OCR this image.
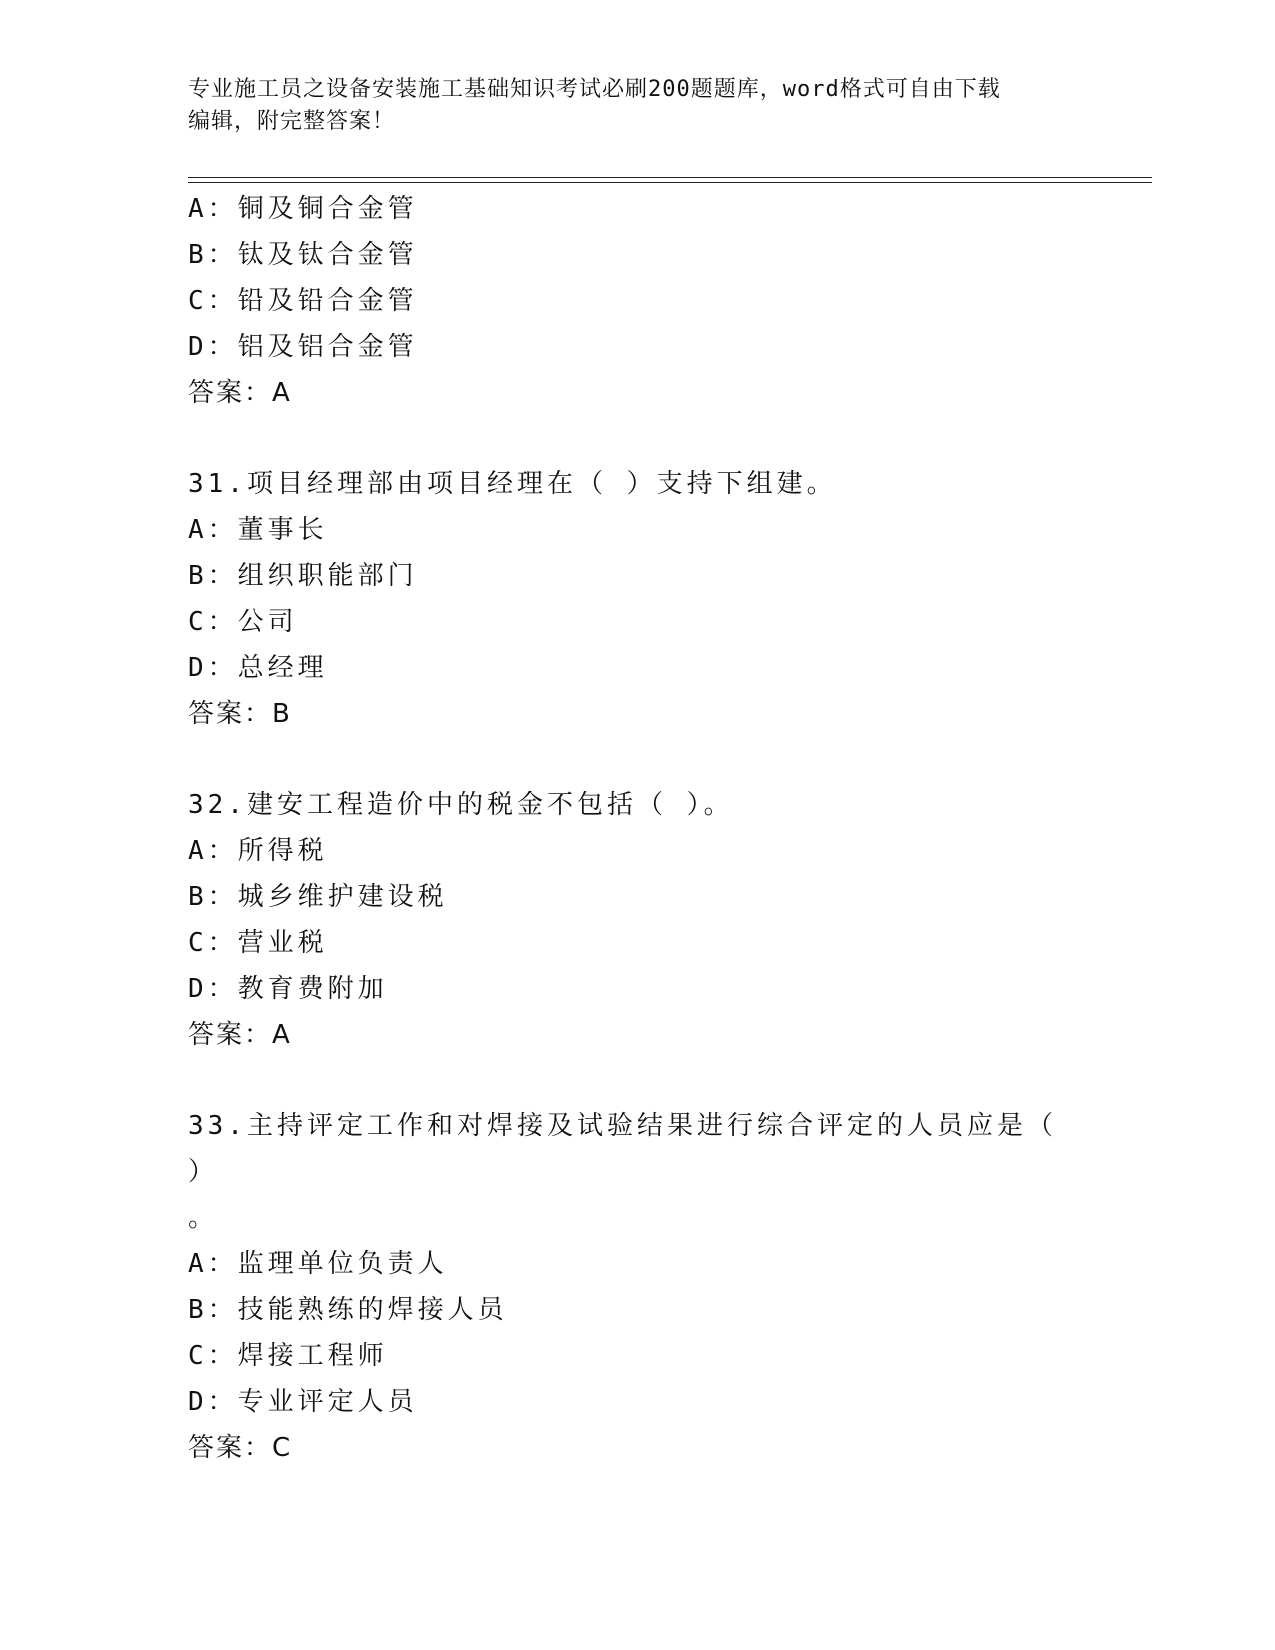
专业施工员之设备安装施工基础知识考试必刷200题题库，word格式可自由下载
编辑，附完整答案！
A：铜及铜合金管
B：钛及钛合金管
C：铅及铅合金管
D：铝及铝合金管
答案：A
31.项目经理部由项目经理在（ ）支持下组建。
A：董事长
B：组织职能部门
C：公司
D：总经理
答案：B
32.建安工程造价中的税金不包括（ ）。
A：所得税
B：城乡维护建设税
C：营业税
D：教育费附加
答案：A
33.主持评定工作和对焊接及试验结果进行综合评定的人员应是（ ）
。
A：监理单位负责人
B：技能熟练的焊接人员
C：焊接工程师
D：专业评定人员
答案：C
